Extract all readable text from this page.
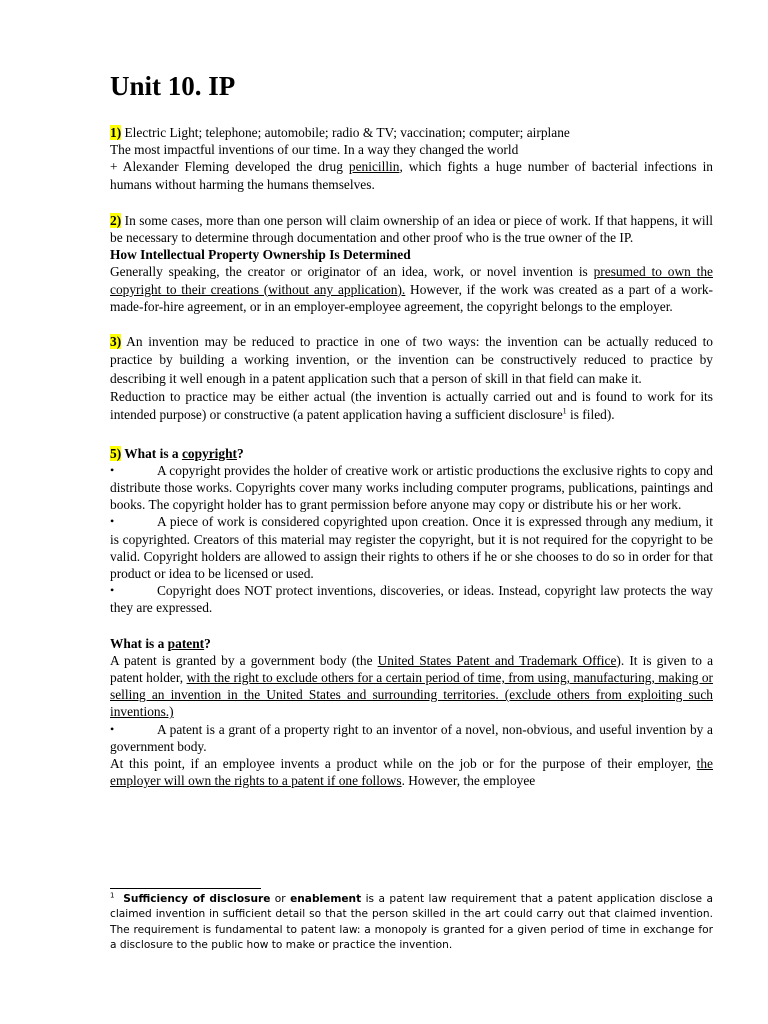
Unit 10. IP

1) Electric Light; telephone; automobile; radio & TV; vaccination; computer; airplane

The most impactful inventions of our time. In a way they changed the world

+ Alexander Fleming developed the drug penicillin, which fights a huge number of bacterial infections in humans without harming the humans themselves.

2) In some cases, more than one person will claim ownership of an idea or piece of work. If that happens, it will be necessary to determine through documentation and other proof who is the true owner of the IP.

How Intellectual Property Ownership Is Determined

Generally speaking, the creator or originator of an idea, work, or novel invention is presumed to own the copyright to their creations (without any application). However, if the work was created as a part of a work-made-for-hire agreement, or in an employer-employee agreement, the copyright belongs to the employer.

3) An invention may be reduced to practice in one of two ways: the invention can be actually reduced to practice by building a working invention, or the invention can be constructively reduced to practice by describing it well enough in a patent application such that a person of skill in that field can make it.

Reduction to practice may be either actual (the invention is actually carried out and is found to work for its intended purpose) or constructive (a patent application having a sufficient disclosure$^1$ is filed).

5) What is a copyright?

• A copyright provides the holder of creative work or artistic productions the exclusive rights to copy and distribute those works. Copyrights cover many works including computer programs, publications, paintings and books. The copyright holder has to grant permission before anyone may copy or distribute his or her work.

• A piece of work is considered copyrighted upon creation. Once it is expressed through any medium, it is copyrighted. Creators of this material may register the copyright, but it is not required for the copyright to be valid. Copyright holders are allowed to assign their rights to others if he or she chooses to do so in order for that product or idea to be licensed or used.

• Copyright does NOT protect inventions, discoveries, or ideas. Instead, copyright law protects the way they are expressed.

What is a patent?

A patent is granted by a government body (the United States Patent and Trademark Office). It is given to a patent holder, with the right to exclude others for a certain period of time, from using, manufacturing, making or selling an invention in the United States and surrounding territories. (exclude others from exploiting such inventions.)

• A patent is a grant of a property right to an inventor of a novel, non-obvious, and useful invention by a government body.

At this point, if an employee invents a product while on the job or for the purpose of their employer, the employer will own the rights to a patent if one follows. However, the employee

$^1$ Sufficiency of disclosure or enablement is a patent law requirement that a patent application disclose a claimed invention in sufficient detail so that the person skilled in the art could carry out that claimed invention. The requirement is fundamental to patent law: a monopoly is granted for a given period of time in exchange for a disclosure to the public how to make or practice the invention.
